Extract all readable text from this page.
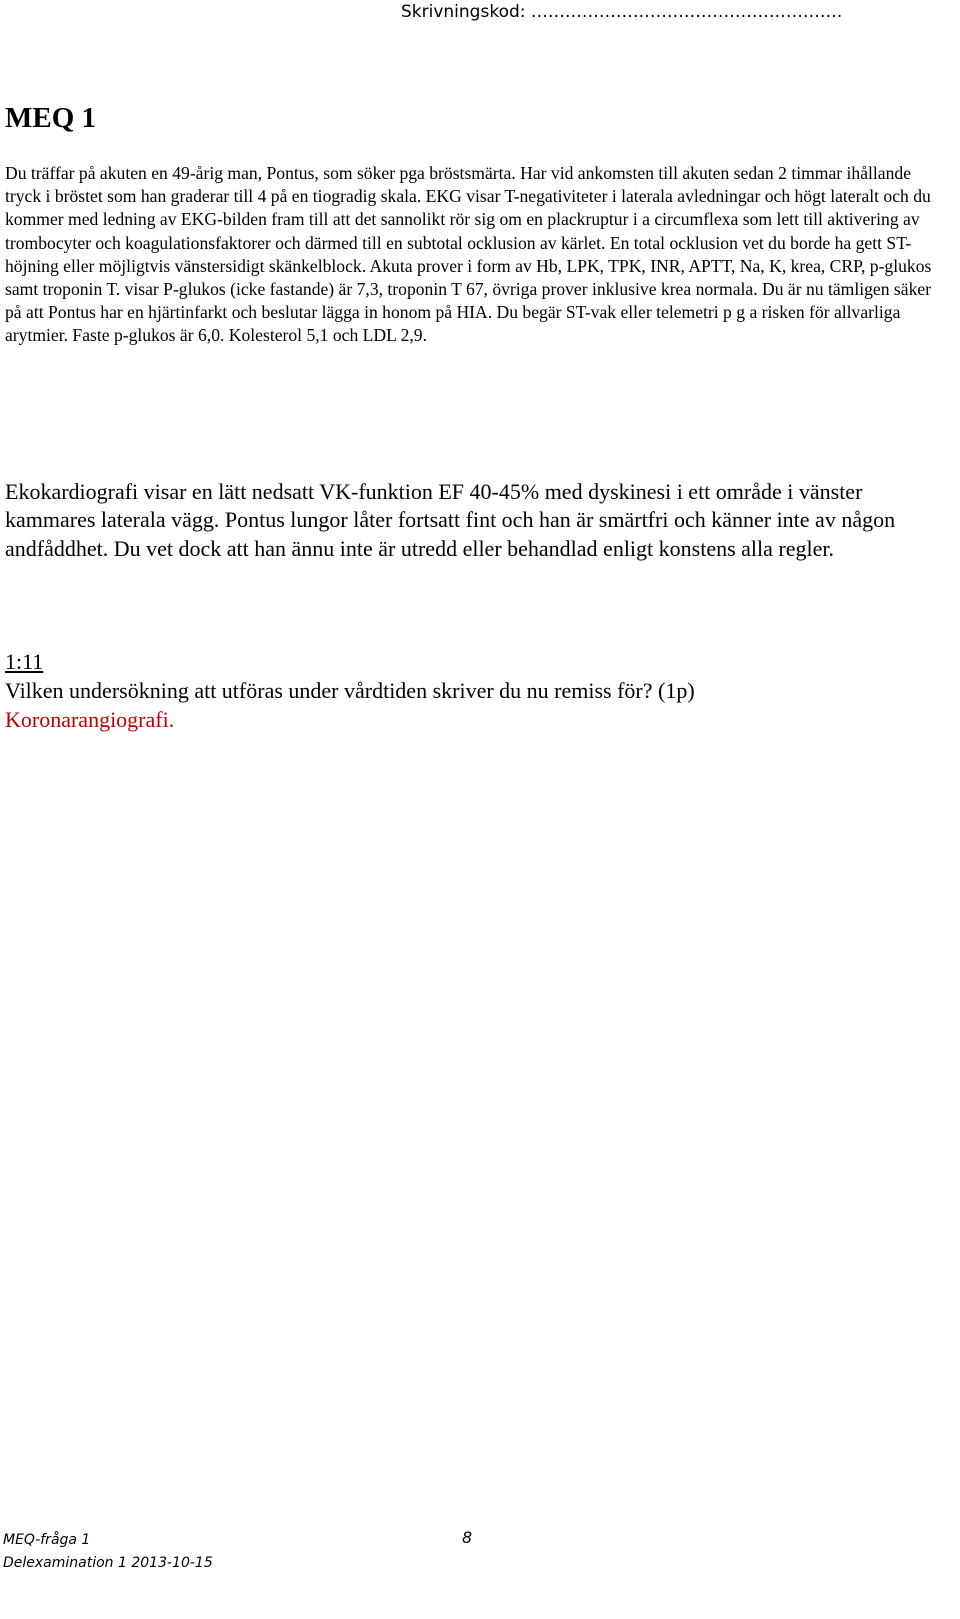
Skrivningskod: ……………………………………………….
MEQ 1

Du träffar på akuten en 49-årig man, Pontus, som söker pga bröstsmärta. Har vid ankomsten till akuten sedan 2 timmar ihållande tryck i bröstet som han graderar till 4 på en tiogradig skala. EKG visar T-negativiteter i laterala avledningar och högt lateralt och du kommer med ledning av EKG-bilden fram till att det sannolikt rör sig om en plackruptur i a circumflexa som lett till aktivering av trombocyter och koagulationsfaktorer och därmed till en subtotal ocklusion av kärlet. En total ocklusion vet du borde ha gett ST-höjning eller möjligtvis vänstersidigt skänkelblock. Akuta prover i form av Hb, LPK, TPK, INR, APTT, Na, K, krea, CRP, p-glukos samt troponin T. visar P-glukos (icke fastande) är 7,3, troponin T 67, övriga prover inklusive krea normala. Du är nu tämligen säker på att Pontus har en hjärtinfarkt och beslutar lägga in honom på HIA. Du begär ST-vak eller telemetri p g a risken för allvarliga arytmier. Faste p-glukos är 6,0. Kolesterol 5,1 och LDL 2,9.

Ekokardiografi visar en lätt nedsatt VK-funktion EF 40-45% med dyskinesi i ett område i vänster kammares laterala vägg. Pontus lungor låter fortsatt fint och han är smärtfri och känner inte av någon andfåddhet. Du vet dock att han ännu inte är utredd eller behandlad enligt konstens alla regler.

1:11
Vilken undersökning att utföras under vårdtiden skriver du nu remiss för? (1p)
Koronarangiografi.
MEQ-fråga 1
Delexamination 1 2013-10-15
8
